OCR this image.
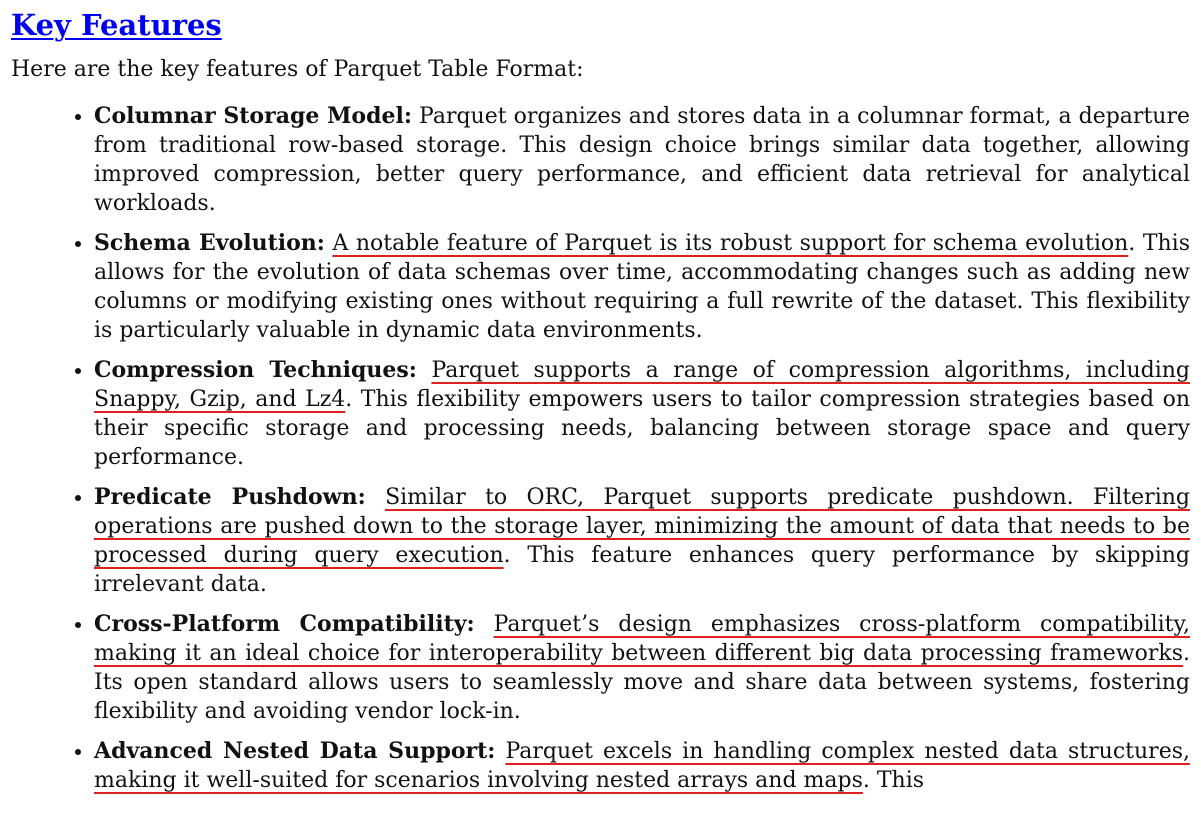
Key Features

Here are the key features of Parquet Table Format:

• Columnar Storage Model: Parquet organizes and stores data in a columnar format, a departure from traditional row-based storage. This design choice brings similar data together, allowing improved compression, better query performance, and efficient data retrieval for analytical workloads.
• Schema Evolution: A notable feature of Parquet is its robust support for schema evolution. This allows for the evolution of data schemas over time, accommodating changes such as adding new columns or modifying existing ones without requiring a full rewrite of the dataset. This flexibility is particularly valuable in dynamic data environments.
• Compression Techniques: Parquet supports a range of compression algorithms, including Snappy, Gzip, and Lz4. This flexibility empowers users to tailor compression strategies based on their specific storage and processing needs, balancing between storage space and query performance.
• Predicate Pushdown: Similar to ORC, Parquet supports predicate pushdown. Filtering operations are pushed down to the storage layer, minimizing the amount of data that needs to be processed during query execution. This feature enhances query performance by skipping irrelevant data.
• Cross-Platform Compatibility: Parquet’s design emphasizes cross-platform compatibility, making it an ideal choice for interoperability between different big data processing frameworks. Its open standard allows users to seamlessly move and share data between systems, fostering flexibility and avoiding vendor lock-in.
• Advanced Nested Data Support: Parquet excels in handling complex nested data structures, making it well-suited for scenarios involving nested arrays and maps. This
